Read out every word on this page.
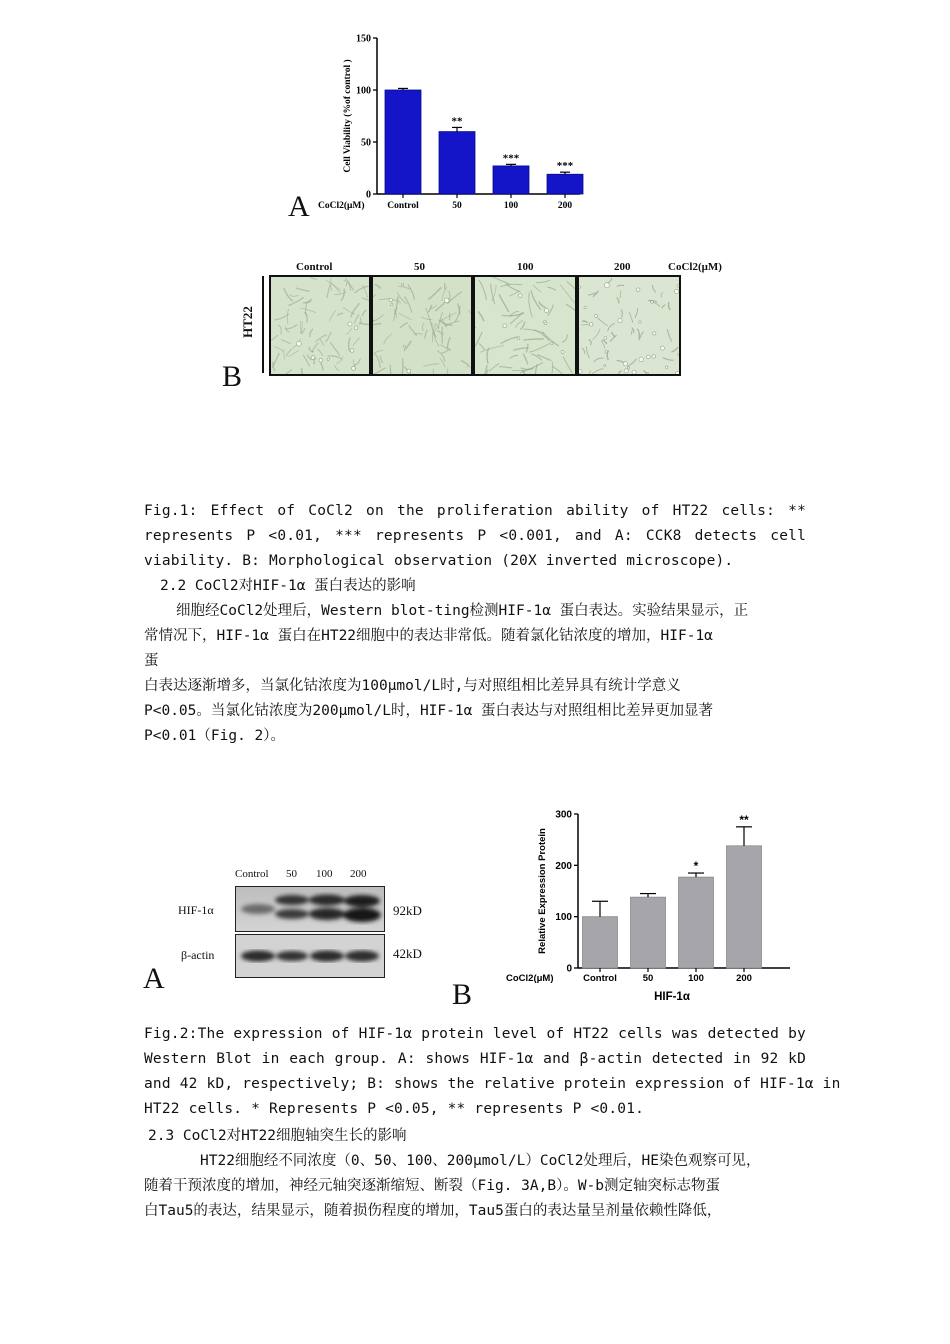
0
50
100
150
Cell Viability (%of control )
Control	50
**
100
***
200
***
CoCl2(μM)
A
Control	50	100	200	CoCl2(μM)
HT22
B
Fig.1: Effect of CoCl2 on the proliferation ability of HT22 cells: **
represents P <0.01, *** represents P <0.001, and A: CCK8 detects cell
viability. B: Morphological observation (20X inverted microscope).
2.2 CoCl2对HIF-1α 蛋白表达的影响
细胞经CoCl2处理后，Western blot-ting检测HIF-1α 蛋白表达。实验结果显示，正
常情况下，HIF-1α 蛋白在HT22细胞中的表达非常低。随着氯化钴浓度的增加，HIF-1α
蛋
白表达逐渐增多，当氯化钴浓度为100μmol/L时,与对照组相比差异具有统计学意义
P<0.05。当氯化钴浓度为200μmol/L时，HIF-1α 蛋白表达与对照组相比差异更加显著
P<0.01（Fig. 2）。
Control 50 100 200
HIF-1α
β-actin
92kD
42kD
A	0
100
200
300
Relative Expression Protein
Control	50	100
*
200
**
CoCl2(μM)
HIF-1α
B
Fig.2:The expression of HIF-1α protein level of HT22 cells was detected by
Western Blot in each group. A: shows HIF-1α and β-actin detected in 92 kD
and 42 kD, respectively; B: shows the relative protein expression of HIF-1α in
HT22 cells. * Represents P <0.05, ** represents P <0.01.
2.3 CoCl2对HT22细胞轴突生长的影响
HT22细胞经不同浓度（0、50、100、200μmol/L）CoCl2处理后，HE染色观察可见，
随着干预浓度的增加，神经元轴突逐渐缩短、断裂（Fig. 3A,B）。W-b测定轴突标志物蛋
白Tau5的表达，结果显示，随着损伤程度的增加，Tau5蛋白的表达量呈剂量依赖性降低，
